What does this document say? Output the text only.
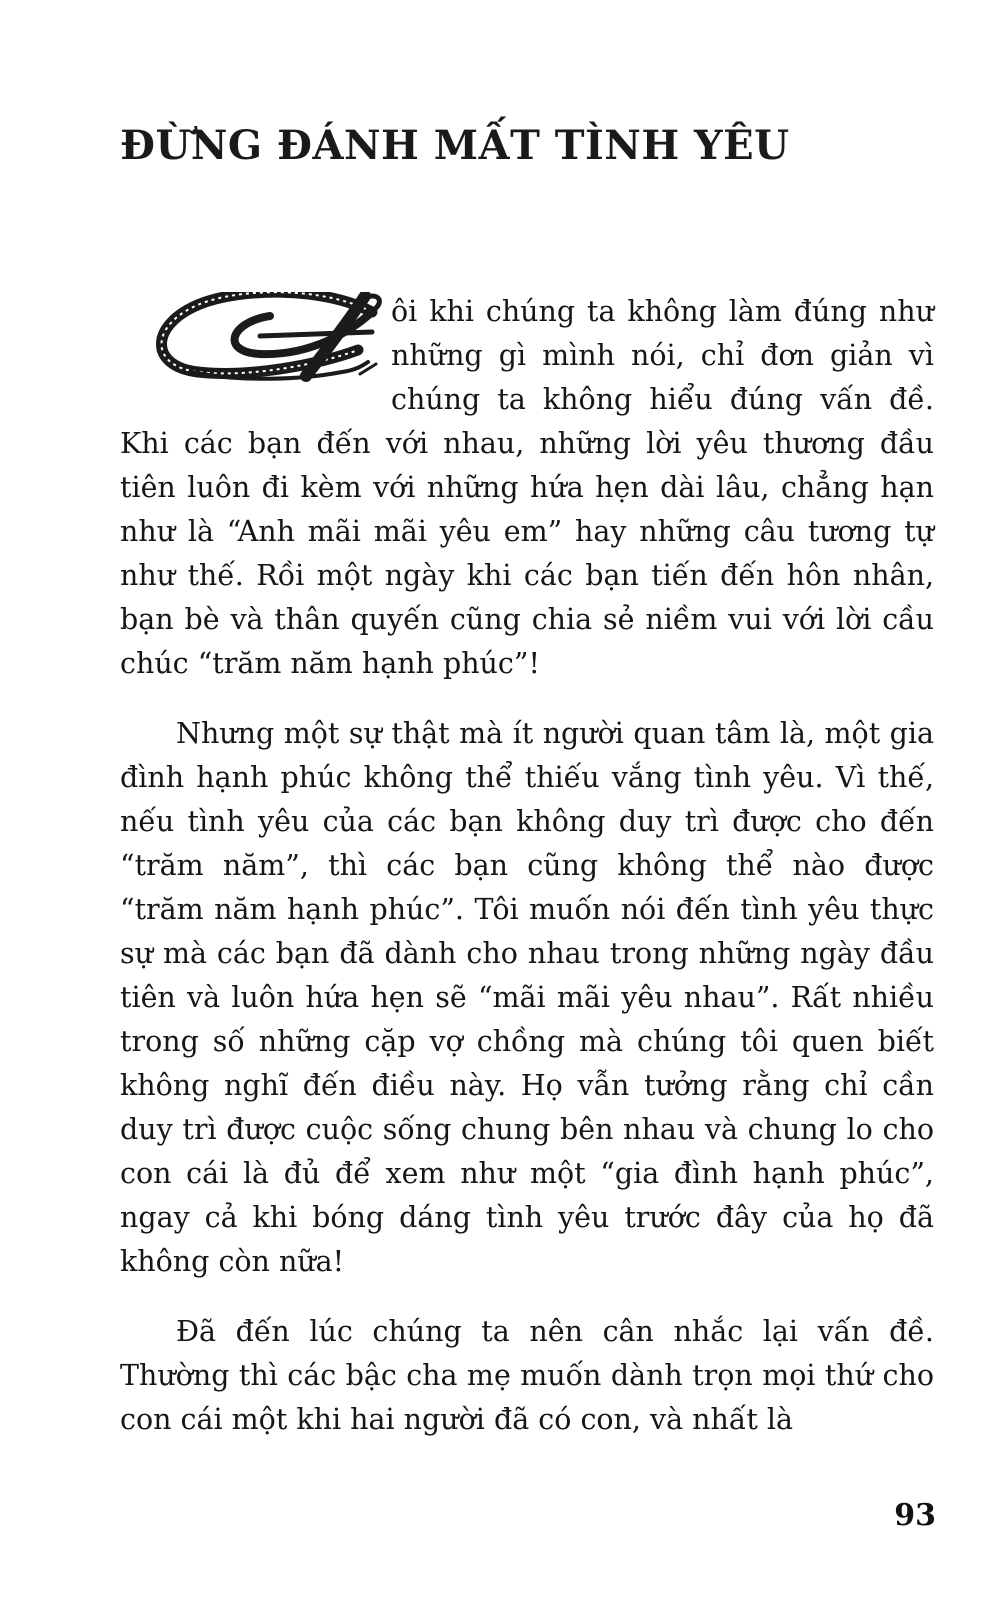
ĐỪNG ĐÁNH MẤT TÌNH YÊU

ôi khi chúng ta không làm đúng như những gì mình nói, chỉ đơn giản vì chúng ta không hiểu đúng vấn đề. Khi các bạn đến với nhau, những lời yêu thương đầu tiên luôn đi kèm với những hứa hẹn dài lâu, chẳng hạn như là “Anh mãi mãi yêu em” hay những câu tương tự như thế. Rồi một ngày khi các bạn tiến đến hôn nhân, bạn bè và thân quyến cũng chia sẻ niềm vui với lời cầu chúc “trăm năm hạnh phúc”!

Nhưng một sự thật mà ít người quan tâm là, một gia đình hạnh phúc không thể thiếu vắng tình yêu. Vì thế, nếu tình yêu của các bạn không duy trì được cho đến “trăm năm”, thì các bạn cũng không thể nào được “trăm năm hạnh phúc”. Tôi muốn nói đến tình yêu thực sự mà các bạn đã dành cho nhau trong những ngày đầu tiên và luôn hứa hẹn sẽ “mãi mãi yêu nhau”. Rất nhiều trong số những cặp vợ chồng mà chúng tôi quen biết không nghĩ đến điều này. Họ vẫn tưởng rằng chỉ cần duy trì được cuộc sống chung bên nhau và chung lo cho con cái là đủ để xem như một “gia đình hạnh phúc”, ngay cả khi bóng dáng tình yêu trước đây của họ đã không còn nữa!

Đã đến lúc chúng ta nên cân nhắc lại vấn đề. Thường thì các bậc cha mẹ muốn dành trọn mọi thứ cho con cái một khi hai người đã có con, và nhất là

93
